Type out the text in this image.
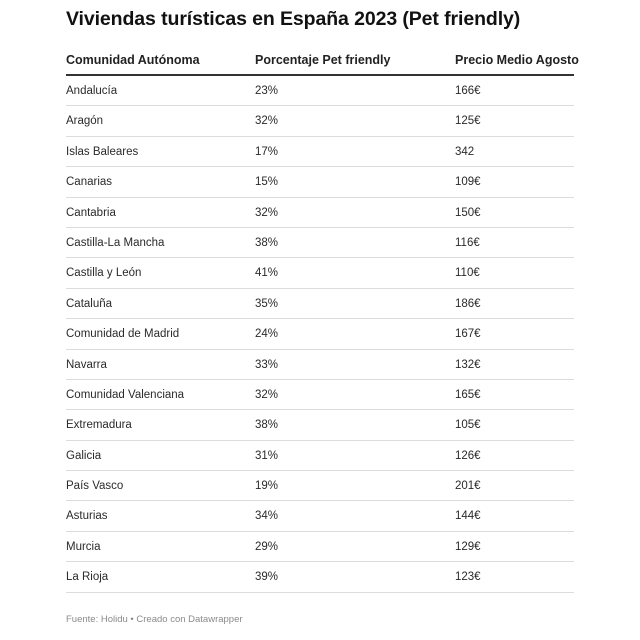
Viviendas turísticas en España 2023 (Pet friendly)
Comunidad Autónoma	Porcentaje Pet friendly	Precio Medio Agosto
Andalucía	23%	166€
Aragón	32%	125€
Islas Baleares	17%	342
Canarias	15%	109€
Cantabria	32%	150€
Castilla-La Mancha	38%	116€
Castilla y León	41%	110€
Cataluña	35%	186€
Comunidad de Madrid	24%	167€
Navarra	33%	132€
Comunidad Valenciana	32%	165€
Extremadura	38%	105€
Galicia	31%	126€
País Vasco	19%	201€
Asturias	34%	144€
Murcia	29%	129€
La Rioja	39%	123€
Fuente: Holidu • Creado con Datawrapper
